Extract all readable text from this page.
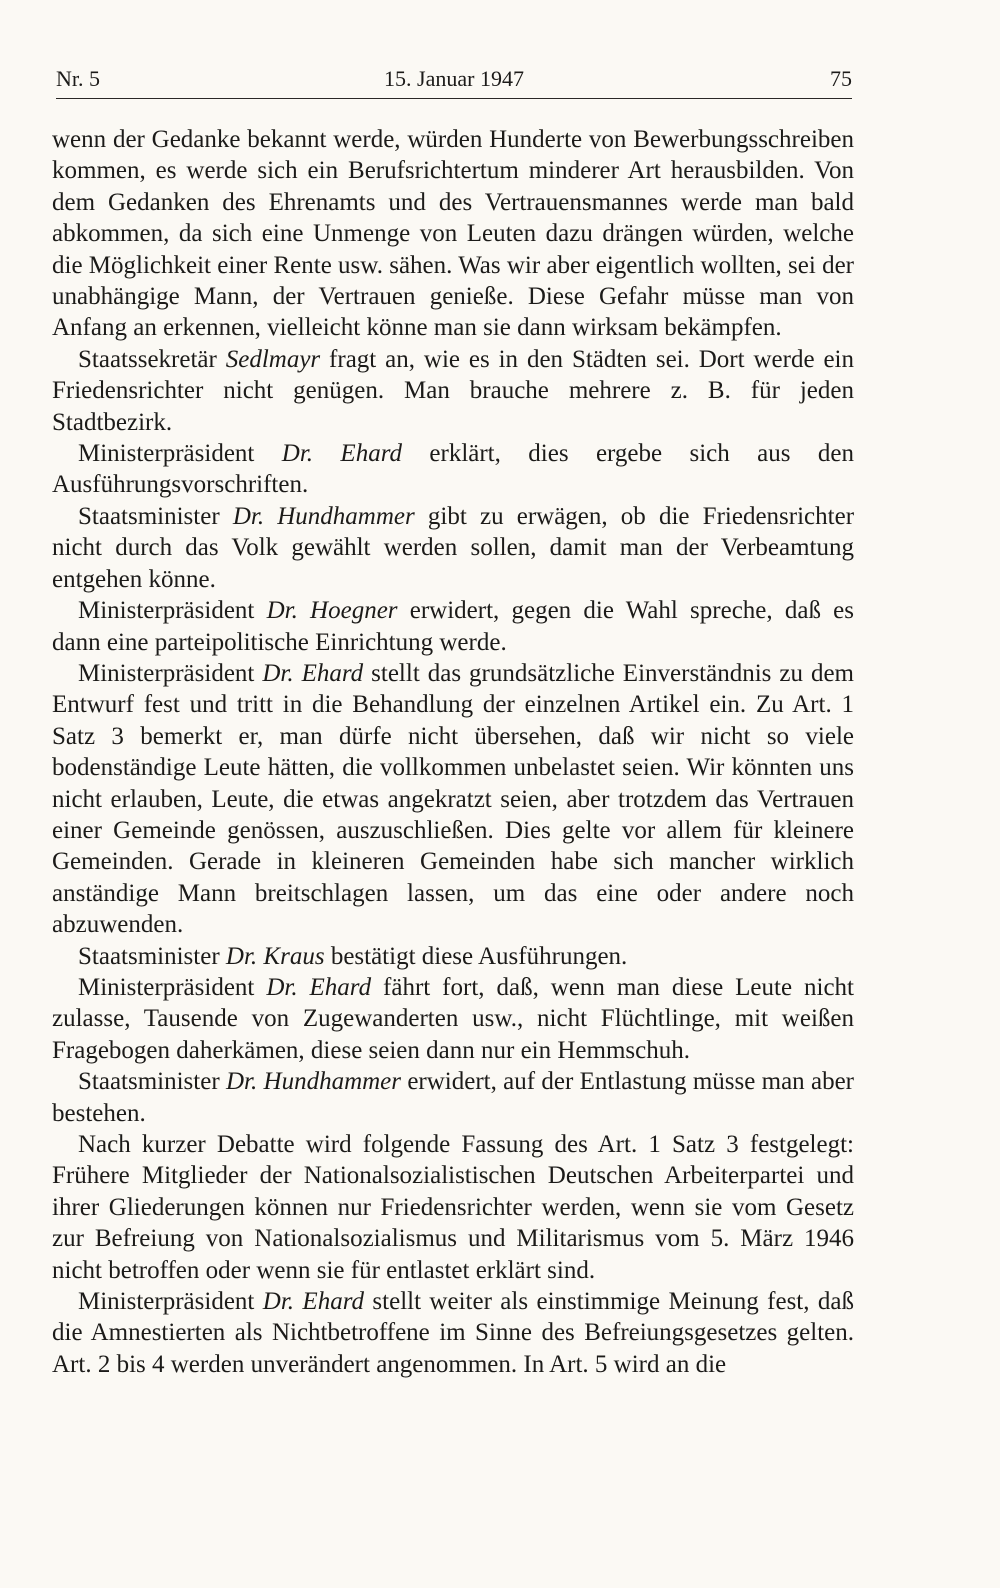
Nr. 5	15. Januar 1947	75

wenn der Gedanke bekannt werde, würden Hunderte von Bewerbungsschreiben kommen, es werde sich ein Berufsrichtertum minderer Art herausbilden. Von dem Gedanken des Ehrenamts und des Vertrauensmannes werde man bald abkommen, da sich eine Unmenge von Leuten dazu drängen würden, welche die Möglichkeit einer Rente usw. sähen. Was wir aber eigentlich wollten, sei der unabhängige Mann, der Vertrauen genieße. Diese Gefahr müsse man von Anfang an erkennen, vielleicht könne man sie dann wirksam bekämpfen.

Staatssekretär Sedlmayr fragt an, wie es in den Städten sei. Dort werde ein Friedensrichter nicht genügen. Man brauche mehrere z. B. für jeden Stadtbezirk.

Ministerpräsident Dr. Ehard erklärt, dies ergebe sich aus den Ausführungsvorschriften.

Staatsminister Dr. Hundhammer gibt zu erwägen, ob die Friedensrichter nicht durch das Volk gewählt werden sollen, damit man der Verbeamtung entgehen könne.

Ministerpräsident Dr. Hoegner erwidert, gegen die Wahl spreche, daß es dann eine parteipolitische Einrichtung werde.

Ministerpräsident Dr. Ehard stellt das grundsätzliche Einverständnis zu dem Entwurf fest und tritt in die Behandlung der einzelnen Artikel ein. Zu Art. 1 Satz 3 bemerkt er, man dürfe nicht übersehen, daß wir nicht so viele bodenständige Leute hätten, die vollkommen unbelastet seien. Wir könnten uns nicht erlauben, Leute, die etwas angekratzt seien, aber trotzdem das Vertrauen einer Gemeinde genössen, auszuschließen. Dies gelte vor allem für kleinere Gemeinden. Gerade in kleineren Gemeinden habe sich mancher wirklich anständige Mann breitschlagen lassen, um das eine oder andere noch abzuwenden.

Staatsminister Dr. Kraus bestätigt diese Ausführungen.

Ministerpräsident Dr. Ehard fährt fort, daß, wenn man diese Leute nicht zulasse, Tausende von Zugewanderten usw., nicht Flüchtlinge, mit weißen Fragebogen daherkämen, diese seien dann nur ein Hemmschuh.

Staatsminister Dr. Hundhammer erwidert, auf der Entlastung müsse man aber bestehen.

Nach kurzer Debatte wird folgende Fassung des Art. 1 Satz 3 festgelegt: Frühere Mitglieder der Nationalsozialistischen Deutschen Arbeiterpartei und ihrer Gliederungen können nur Friedensrichter werden, wenn sie vom Gesetz zur Befreiung von Nationalsozialismus und Militarismus vom 5. März 1946 nicht betroffen oder wenn sie für entlastet erklärt sind.

Ministerpräsident Dr. Ehard stellt weiter als einstimmige Meinung fest, daß die Amnestierten als Nichtbetroffene im Sinne des Befreiungsgesetzes gelten. Art. 2 bis 4 werden unverändert angenommen. In Art. 5 wird an die
